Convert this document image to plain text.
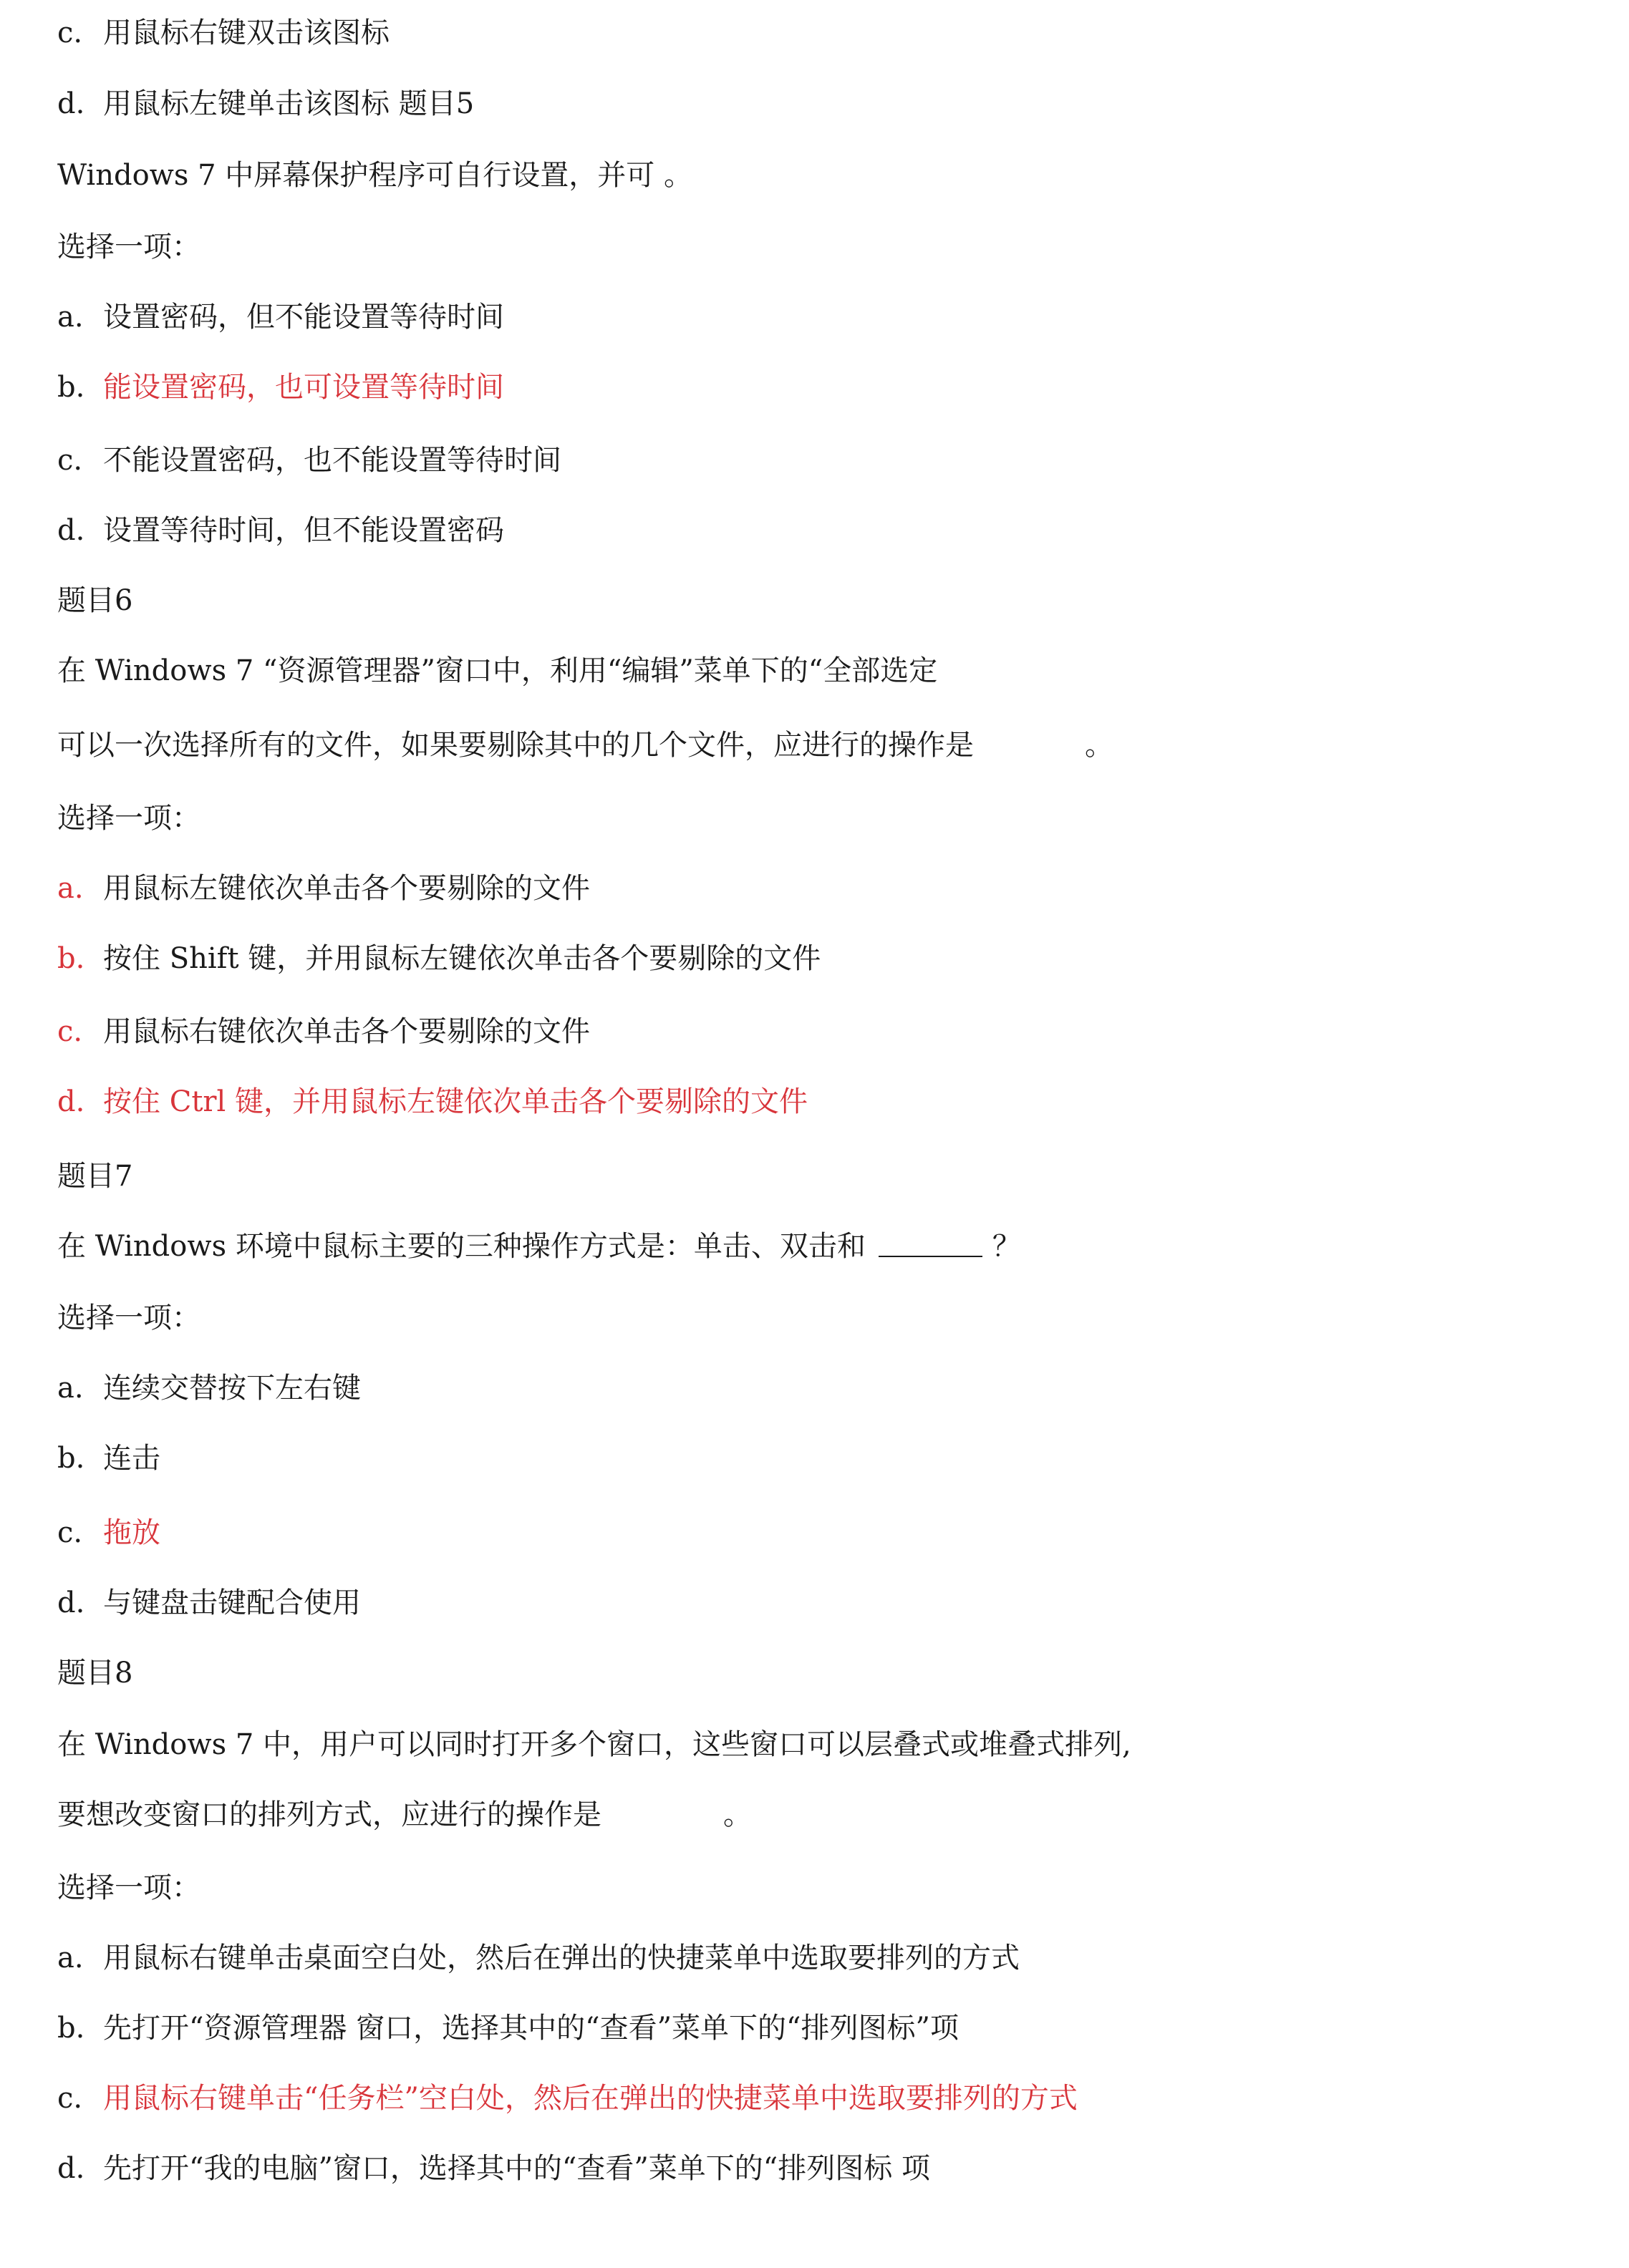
c. 用鼠标右键双击该图标
d. 用鼠标左键单击该图标 题目5
Windows 7 中屏幕保护程序可自行设置，并可 。
选择一项：
a. 设置密码，但不能设置等待时间
b. 能设置密码，也可设置等待时间
c. 不能设置密码，也不能设置等待时间
d. 设置等待时间，但不能设置密码
题目6
在 Windows 7 “资源管理器”窗口中，利用“编辑”菜单下的“全部选定
可以一次选择所有的文件，如果要剔除其中的几个文件，应进行的操作是	。
选择一项：
a. 用鼠标左键依次单击各个要剔除的文件
b. 按住 Shift 键，并用鼠标左键依次单击各个要剔除的文件
c. 用鼠标右键依次单击各个要剔除的文件
d. 按住 Ctrl 键，并用鼠标左键依次单击各个要剔除的文件
题目7
在 Windows 环境中鼠标主要的三种操作方式是：单击、双击和	？
选择一项：
a. 连续交替按下左右键
b. 连击
c. 拖放
d. 与键盘击键配合使用
题目8
在 Windows 7 中，用户可以同时打开多个窗口，这些窗口可以层叠式或堆叠式排列,
要想改变窗口的排列方式，应进行的操作是	。
选择一项：
a. 用鼠标右键单击桌面空白处，然后在弹出的快捷菜单中选取要排列的方式
b. 先打开“资源管理器 窗口，选择其中的“查看”菜单下的“排列图标”项
c. 用鼠标右键单击“任务栏”空白处，然后在弹出的快捷菜单中选取要排列的方式
d. 先打开“我的电脑”窗口，选择其中的“查看”菜单下的“排列图标 项
